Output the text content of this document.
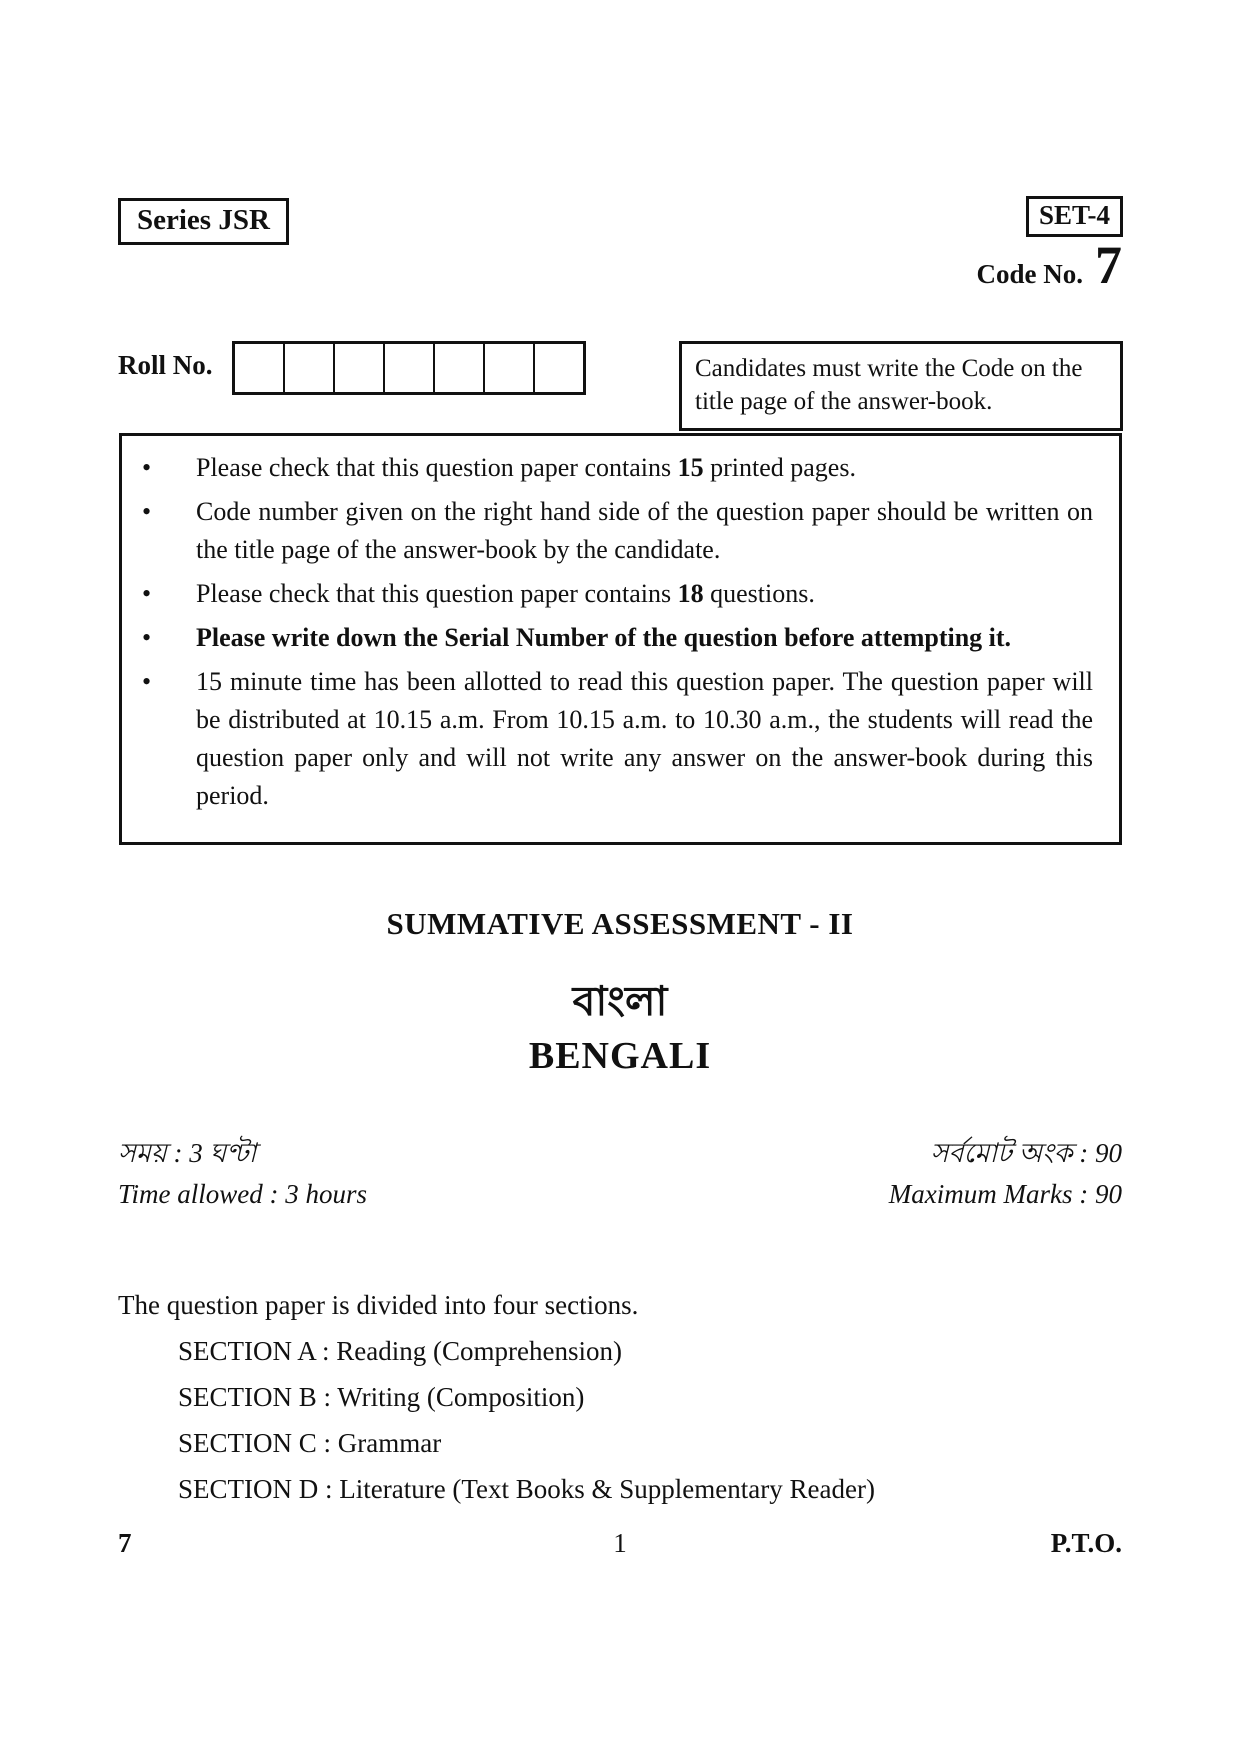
Series JSR	SET-4
Code No. 7
Roll No.	Candidates must write the Code on the
title page of the answer-book.
•	Please check that this question paper contains 15 printed pages.
•	Code number given on the right hand side of the question paper should be written on the title page of the answer-book by the candidate.
•	Please check that this question paper contains 18 questions.
•	Please write down the Serial Number of the question before attempting it.
•	15 minute time has been allotted to read this question paper. The question paper will be distributed at 10.15 a.m. From 10.15 a.m. to 10.30 a.m., the students will read the question paper only and will not write any answer on the answer-book during this period.
SUMMATIVE ASSESSMENT - II
বাংলা
BENGALI
সময় : 3 ঘণ্টা
Time allowed : 3 hours
সর্বমোট অংক : 90
Maximum Marks : 90
The question paper is divided into four sections.
SECTION A : Reading (Comprehension)
SECTION B : Writing (Composition)
SECTION C : Grammar
SECTION D : Literature (Text Books & Supplementary Reader)
7	1	P.T.O.
